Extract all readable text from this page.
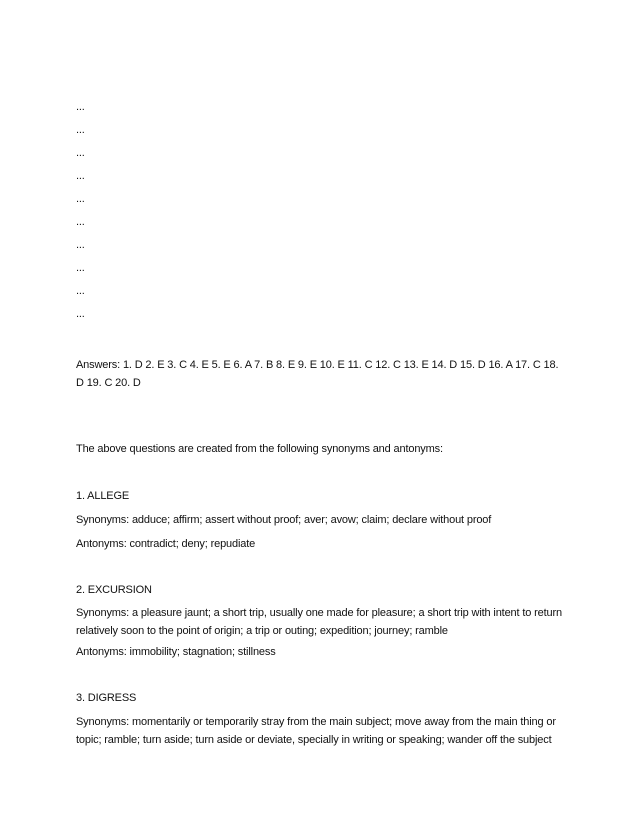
...
...
...
...
...
...
...
...
...
...
Answers: 1. D 2. E 3. C 4. E 5. E 6. A 7. B 8. E 9. E 10. E 11. C 12. C 13. E 14. D 15. D 16. A 17. C 18. D 19. C 20. D
The above questions are created from the following synonyms and antonyms:
1. ALLEGE
Synonyms: adduce; affirm; assert without proof; aver; avow; claim; declare without proof
Antonyms: contradict; deny; repudiate
2. EXCURSION
Synonyms: a pleasure jaunt; a short trip, usually one made for pleasure; a short trip with intent to return relatively soon to the point of origin; a trip or outing; expedition; journey; ramble
Antonyms: immobility; stagnation; stillness
3. DIGRESS
Synonyms: momentarily or temporarily stray from the main subject; move away from the main thing or topic; ramble; turn aside; turn aside or deviate, specially in writing or speaking; wander off the subject
